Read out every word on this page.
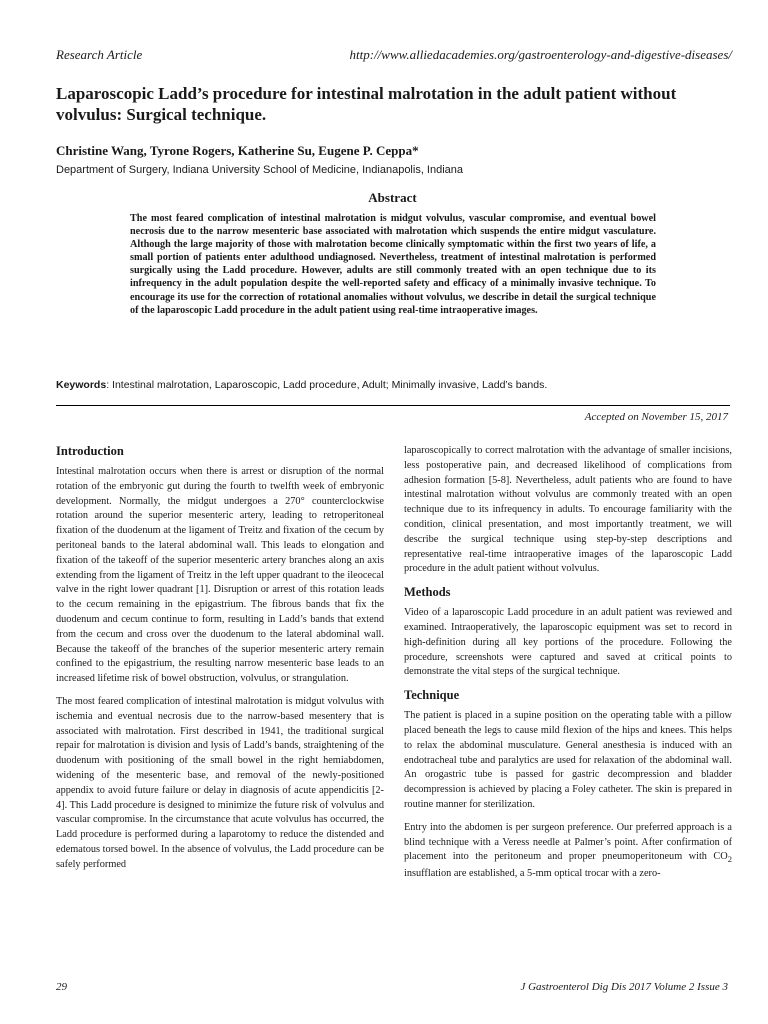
Research Article	http://www.alliedacademies.org/gastroenterology-and-digestive-diseases/
Laparoscopic Ladd’s procedure for intestinal malrotation in the adult patient without volvulus: Surgical technique.
Christine Wang, Tyrone Rogers, Katherine Su, Eugene P. Ceppa*
Department of Surgery, Indiana University School of Medicine, Indianapolis, Indiana
Abstract

The most feared complication of intestinal malrotation is midgut volvulus, vascular compromise, and eventual bowel necrosis due to the narrow mesenteric base associated with malrotation which suspends the entire midgut vasculature. Although the large majority of those with malrotation become clinically symptomatic within the first two years of life, a small portion of patients enter adulthood undiagnosed. Nevertheless, treatment of intestinal malrotation is performed surgically using the Ladd procedure. However, adults are still commonly treated with an open technique due to its infrequency in the adult population despite the well-reported safety and efficacy of a minimally invasive technique. To encourage its use for the correction of rotational anomalies without volvulus, we describe in detail the surgical technique of the laparoscopic Ladd procedure in the adult patient using real-time intraoperative images.

Keywords: Intestinal malrotation, Laparoscopic, Ladd procedure, Adult; Minimally invasive, Ladd’s bands.
Accepted on November 15, 2017
Introduction

Intestinal malrotation occurs when there is arrest or disruption of the normal rotation of the embryonic gut during the fourth to twelfth week of embryonic development. Normally, the midgut undergoes a 270° counterclockwise rotation around the superior mesenteric artery, leading to retroperitoneal fixation of the duodenum at the ligament of Treitz and fixation of the cecum by peritoneal bands to the lateral abdominal wall. This leads to elongation and fixation of the takeoff of the superior mesenteric artery branches along an axis extending from the ligament of Treitz in the left upper quadrant to the ileocecal valve in the right lower quadrant [1]. Disruption or arrest of this rotation leads to the cecum remaining in the epigastrium. The fibrous bands that fix the duodenum and cecum continue to form, resulting in Ladd’s bands that extend from the cecum and cross over the duodenum to the lateral abdominal wall. Because the takeoff of the branches of the superior mesenteric artery remain confined to the epigastrium, the resulting narrow mesenteric base leads to an increased lifetime risk of bowel obstruction, volvulus, or strangulation.

The most feared complication of intestinal malrotation is midgut volvulus with ischemia and eventual necrosis due to the narrow-based mesentery that is associated with malrotation. First described in 1941, the traditional surgical repair for malrotation is division and lysis of Ladd’s bands, straightening of the duodenum with positioning of the small bowel in the right hemiabdomen, widening of the mesenteric base, and removal of the newly-positioned appendix to avoid future failure or delay in diagnosis of acute appendicitis [2-4]. This Ladd procedure is designed to minimize the future risk of volvulus and vascular compromise. In the circumstance that acute volvulus has occurred, the Ladd procedure is performed during a laparotomy to reduce the distended and edematous torsed bowel. In the absence of volvulus, the Ladd procedure can be safely performed

laparoscopically to correct malrotation with the advantage of smaller incisions, less postoperative pain, and decreased likelihood of complications from adhesion formation [5-8]. Nevertheless, adult patients who are found to have intestinal malrotation without volvulus are commonly treated with an open technique due to its infrequency in adults. To encourage familiarity with the condition, clinical presentation, and most importantly treatment, we will describe the surgical technique using step-by-step descriptions and representative real-time intraoperative images of the laparoscopic Ladd procedure in the adult patient without volvulus.

Methods

Video of a laparoscopic Ladd procedure in an adult patient was reviewed and examined. Intraoperatively, the laparoscopic equipment was set to record in high-definition during all key portions of the procedure. Following the procedure, screenshots were captured and saved at critical points to demonstrate the vital steps of the surgical technique.

Technique

The patient is placed in a supine position on the operating table with a pillow placed beneath the legs to cause mild flexion of the hips and knees. This helps to relax the abdominal musculature. General anesthesia is induced with an endotracheal tube and paralytics are used for relaxation of the abdominal wall. An orogastric tube is passed for gastric decompression and bladder decompression is achieved by placing a Foley catheter. The skin is prepared in routine manner for sterilization.

Entry into the abdomen is per surgeon preference. Our preferred approach is a blind technique with a Veress needle at Palmer’s point. After confirmation of placement into the peritoneum and proper pneumoperitoneum with $CO_2$ insufflation are established, a 5-mm optical trocar with a zero-

29	J Gastroenterol Dig Dis 2017 Volume 2 Issue 3
